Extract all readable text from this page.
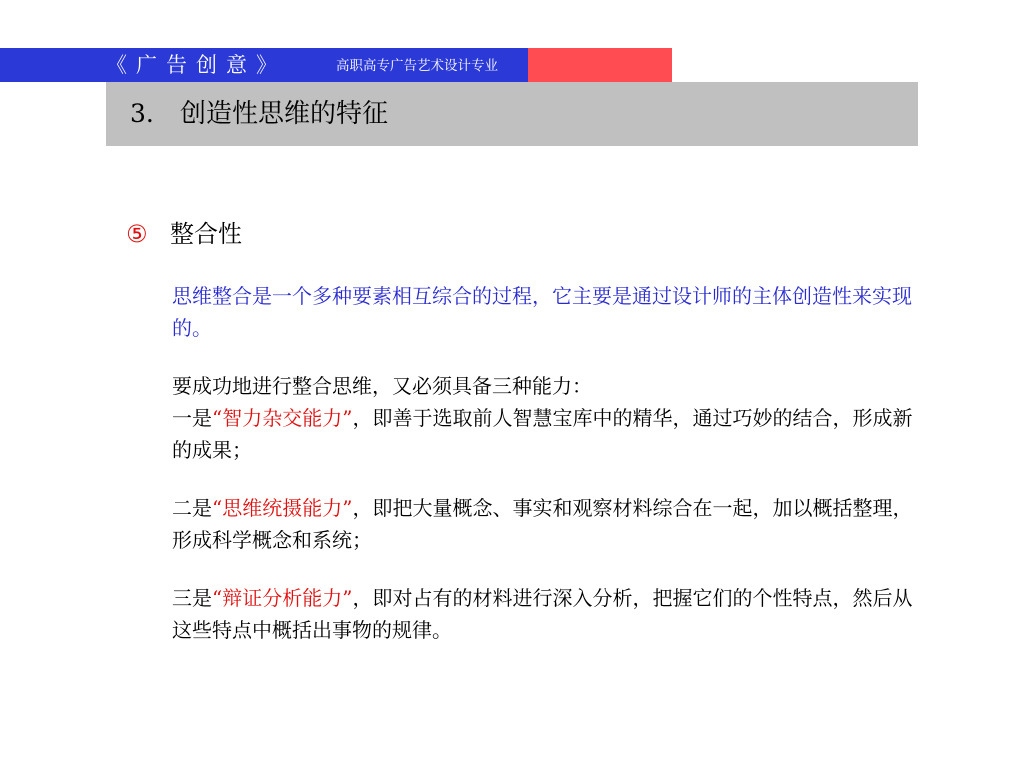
《广告创意》	高职高专广告艺术设计专业
3. 创造性思维的特征
⑤ 整合性

思维整合是一个多种要素相互综合的过程，它主要是通过设计师的主体创造性来实现的。

要成功地进行整合思维，又必须具备三种能力：

一是“智力杂交能力”，即善于选取前人智慧宝库中的精华，通过巧妙的结合，形成新的成果；

二是“思维统摄能力”，即把大量概念、事实和观察材料综合在一起，加以概括整理，形成科学概念和系统；

三是“辩证分析能力”，即对占有的材料进行深入分析，把握它们的个性特点，然后从这些特点中概括出事物的规律。
